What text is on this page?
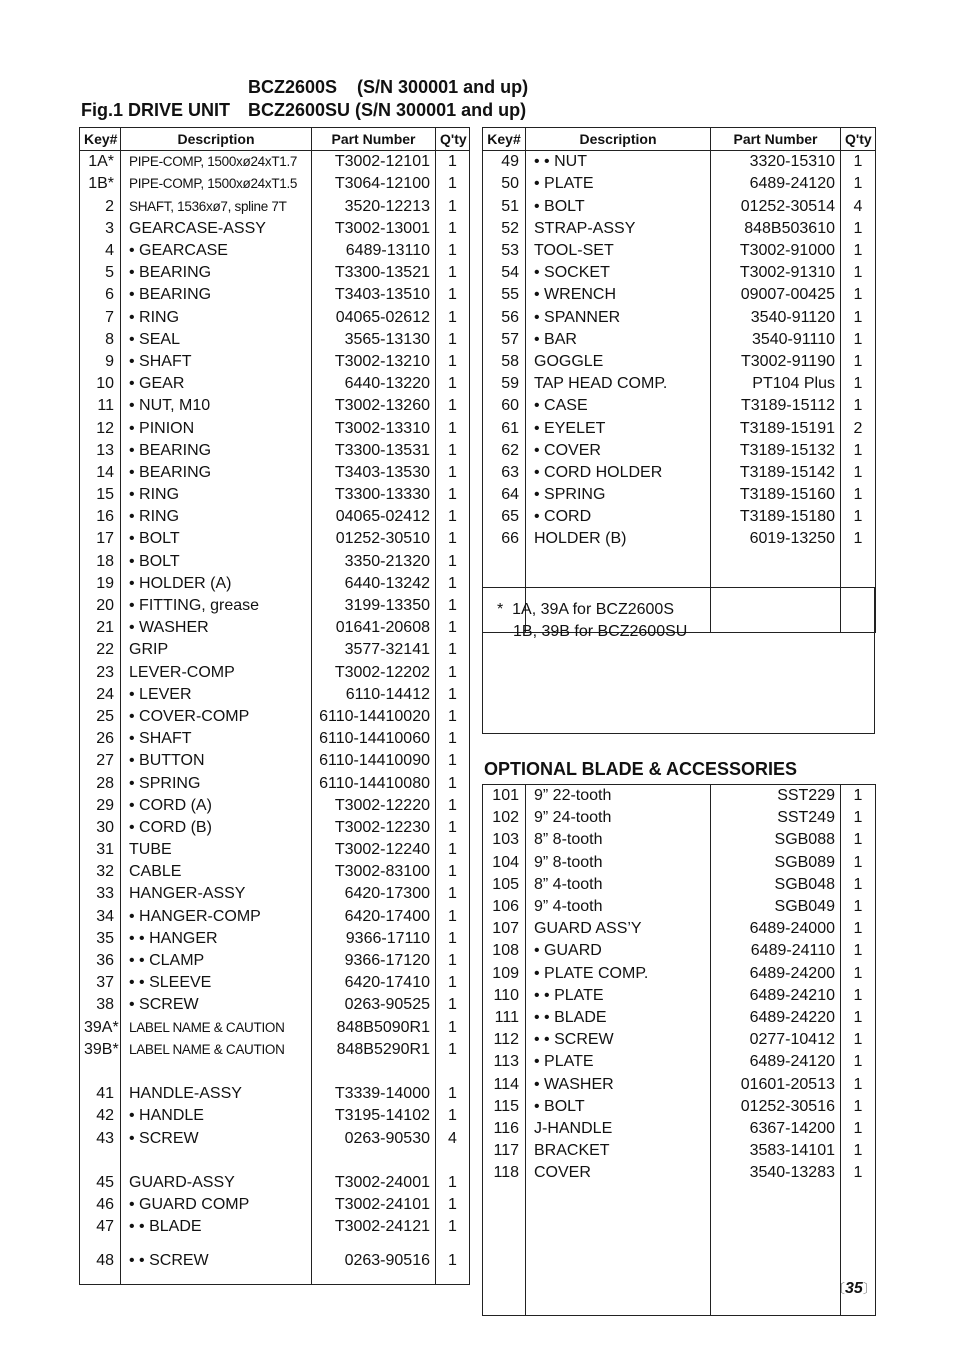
BCZ2600S    (S/N 300001 and up)
Fig.1 DRIVE UNIT BCZ2600SU (S/N 300001 and up)
Key#	Description	Part Number	Q'ty
1A*	PIPE-COMP, 1500xø24xT1.7	T3002-12101	1
1B*	PIPE-COMP, 1500xø24xT1.5	T3064-12100	1
2	SHAFT, 1536xø7, spline 7T	3520-12213	1
3	GEARCASE-ASSY	T3002-13001	1
4	• GEARCASE	6489-13110	1
5	• BEARING	T3300-13521	1
6	• BEARING	T3403-13510	1
7	• RING	04065-02612	1
8	• SEAL	3565-13130	1
9	• SHAFT	T3002-13210	1
10	• GEAR	6440-13220	1
11	• NUT, M10	T3002-13260	1
12	• PINION	T3002-13310	1
13	• BEARING	T3300-13531	1
14	• BEARING	T3403-13530	1
15	• RING	T3300-13330	1
16	• RING	04065-02412	1
17	• BOLT	01252-30510	1
18	• BOLT	3350-21320	1
19	• HOLDER (A)	6440-13242	1
20	• FITTING, grease	3199-13350	1
21	• WASHER	01641-20608	1
22	GRIP	3577-32141	1
23	LEVER-COMP	T3002-12202	1
24	• LEVER	6110-14412	1
25	• COVER-COMP	6110-14410020	1
26	• SHAFT	6110-14410060	1
27	• BUTTON	6110-14410090	1
28	• SPRING	6110-14410080	1
29	• CORD (A)	T3002-12220	1
30	• CORD (B)	T3002-12230	1
31	TUBE	T3002-12240	1
32	CABLE	T3002-83100	1
33	HANGER-ASSY	6420-17300	1
34	• HANGER-COMP	6420-17400	1
35	• • HANGER	9366-17110	1
36	• • CLAMP	9366-17120	1
37	• • SLEEVE	6420-17410	1
38	• SCREW	0263-90525	1
39A*	LABEL NAME & CAUTION	848B5090R1	1
39B*	LABEL NAME & CAUTION	848B5290R1	1

41	HANDLE-ASSY	T3339-14000	1
42	• HANDLE	T3195-14102	1
43	• SCREW	0263-90530	4

45	GUARD-ASSY	T3002-24001	1
46	• GUARD COMP	T3002-24101	1
47	• • BLADE	T3002-24121	1
48	• • SCREW	0263-90516	1
Key#	Description	Part Number	Q'ty
49	• • NUT	3320-15310	1
50	• PLATE	6489-24120	1
51	• BOLT	01252-30514	4
52	STRAP-ASSY	848B503610	1
53	TOOL-SET	T3002-91000	1
54	• SOCKET	T3002-91310	1
55	• WRENCH	09007-00425	1
56	• SPANNER	3540-91120	1
57	• BAR	3540-91110	1
58	GOGGLE	T3002-91190	1
59	TAP HEAD COMP.	PT104 Plus	1
60	• CASE	T3189-15112	1
61	• EYELET	T3189-15191	2
62	• COVER	T3189-15132	1
63	• CORD HOLDER	T3189-15142	1
64	• SPRING	T3189-15160	1
65	• CORD	T3189-15180	1
66	HOLDER (B)	6019-13250	1

*  1A, 39A for BCZ2600S
1B, 39B for BCZ2600SU
OPTIONAL BLADE & ACCESSORIES
101	9” 22-tooth	SST229	1
102	9” 24-tooth	SST249	1
103	8” 8-tooth	SGB088	1
104	9” 8-tooth	SGB089	1
105	8” 4-tooth	SGB048	1
106	9” 4-tooth	SGB049	1
107	GUARD ASS’Y	6489-24000	1
108	• GUARD	6489-24110	1
109	• PLATE COMP.	6489-24200	1
110	• • PLATE	6489-24210	1
111	• • BLADE	6489-24220	1
112	• • SCREW	0277-10412	1
113	• PLATE	6489-24120	1
114	• WASHER	01601-20513	1
115	• BOLT	01252-30516	1
116	J-HANDLE	6367-14200	1
117	BRACKET	3583-14101	1
118	COVER	3540-13283	1

〔35〕
